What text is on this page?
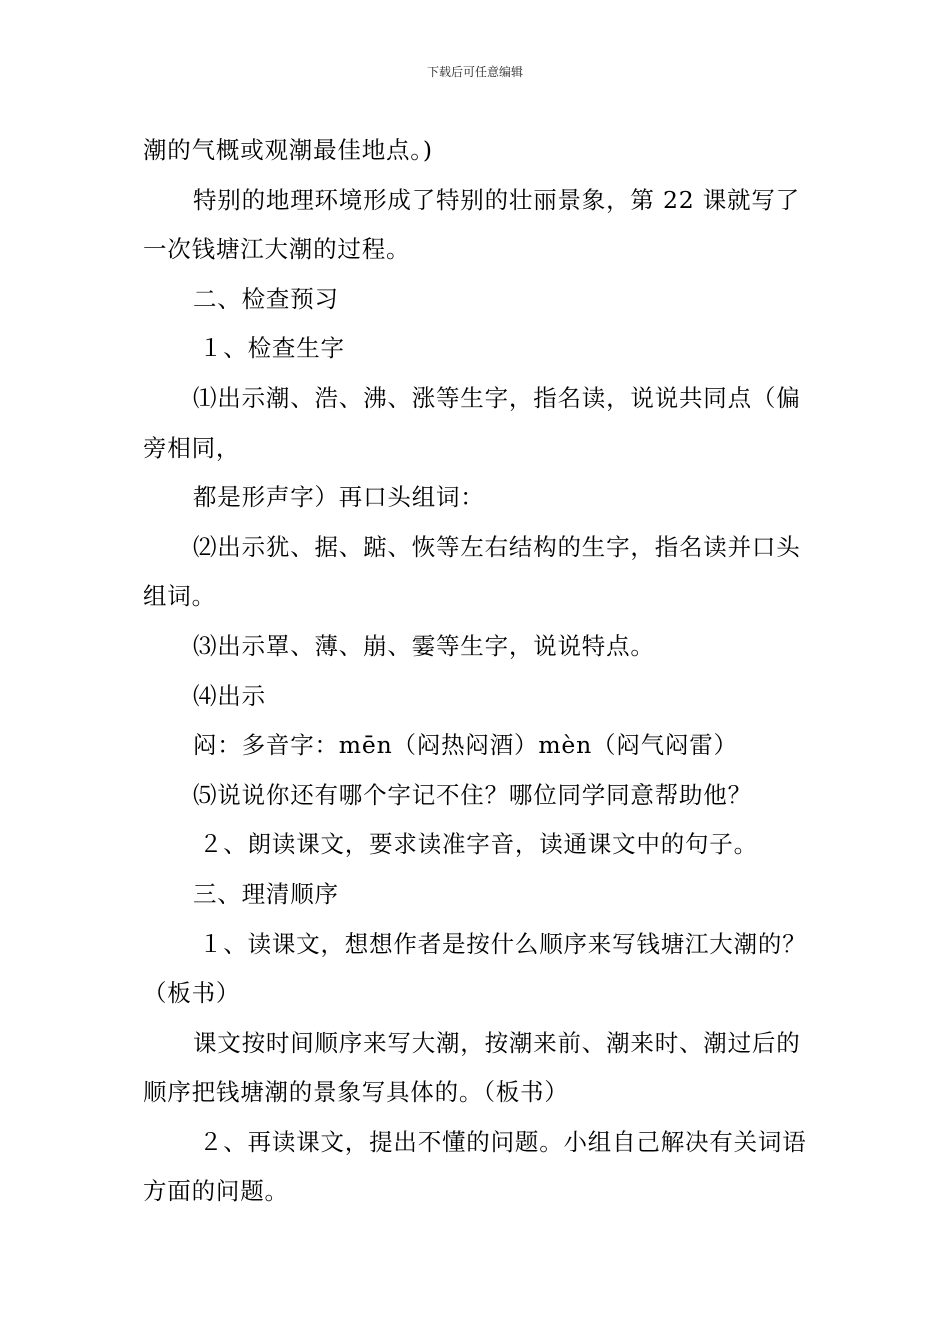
下载后可任意编辑

潮的气概或观潮最佳地点。)

特别的地理环境形成了特别的壮丽景象，第 22 课就写了一次钱塘江大潮的过程。

二、检查预习

１、检查生字

⑴出示潮、浩、沸、涨等生字，指名读，说说共同点（偏旁相同，

都是形声字）再口头组词：

⑵出示犹、据、踮、恢等左右结构的生字，指名读并口头组词。

⑶出示罩、薄、崩、霎等生字，说说特点。

⑷出示

闷：多音字：mēn（闷热闷酒）mèn（闷气闷雷）

⑸说说你还有哪个字记不住？哪位同学同意帮助他？

２、朗读课文，要求读准字音，读通课文中的句子。

三、理清顺序

１、读课文，想想作者是按什么顺序来写钱塘江大潮的？（板书）

课文按时间顺序来写大潮，按潮来前、潮来时、潮过后的顺序把钱塘潮的景象写具体的。（板书）

２、再读课文，提出不懂的问题。小组自己解决有关词语方面的问题。
